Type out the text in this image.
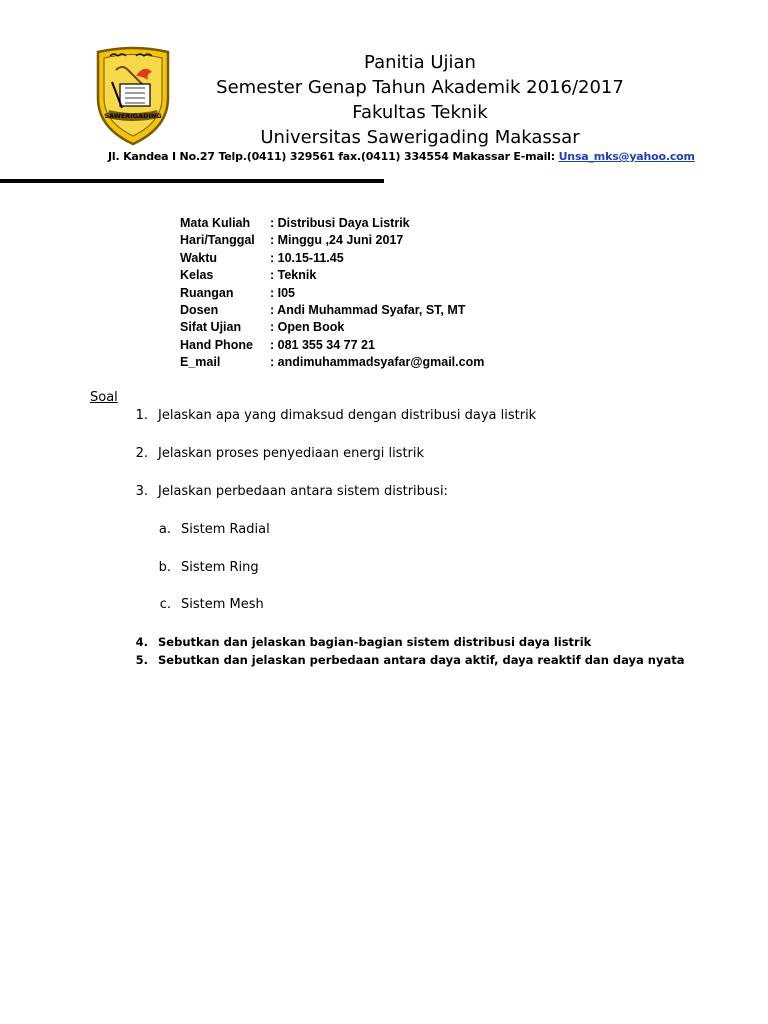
SAWERIGADING
Panitia Ujian
Semester Genap Tahun Akademik 2016/2017
Fakultas Teknik
Universitas Sawerigading Makassar
Jl. Kandea I No.27 Telp.(0411) 329561 fax.(0411) 334554 Makassar E-mail: Unsa_mks@yahoo.com
Mata Kuliah	: Distribusi Daya Listrik
Hari/Tanggal	: Minggu ,24 Juni 2017
Waktu	: 10.15-11.45
Kelas	: Teknik
Ruangan	: I05
Dosen	: Andi Muhammad Syafar, ST, MT
Sifat Ujian	: Open Book
Hand Phone	: 081 355 34 77 21
E_mail	: andimuhammadsyafar@gmail.com
Soal
1. Jelaskan apa yang dimaksud dengan distribusi daya listrik
2. Jelaskan proses penyediaan energi listrik
3. Jelaskan perbedaan antara sistem distribusi:
a. Sistem Radial
b. Sistem Ring
c. Sistem Mesh
4. Sebutkan dan jelaskan bagian-bagian sistem distribusi daya listrik
5. Sebutkan dan jelaskan perbedaan antara daya aktif, daya reaktif dan daya nyata
